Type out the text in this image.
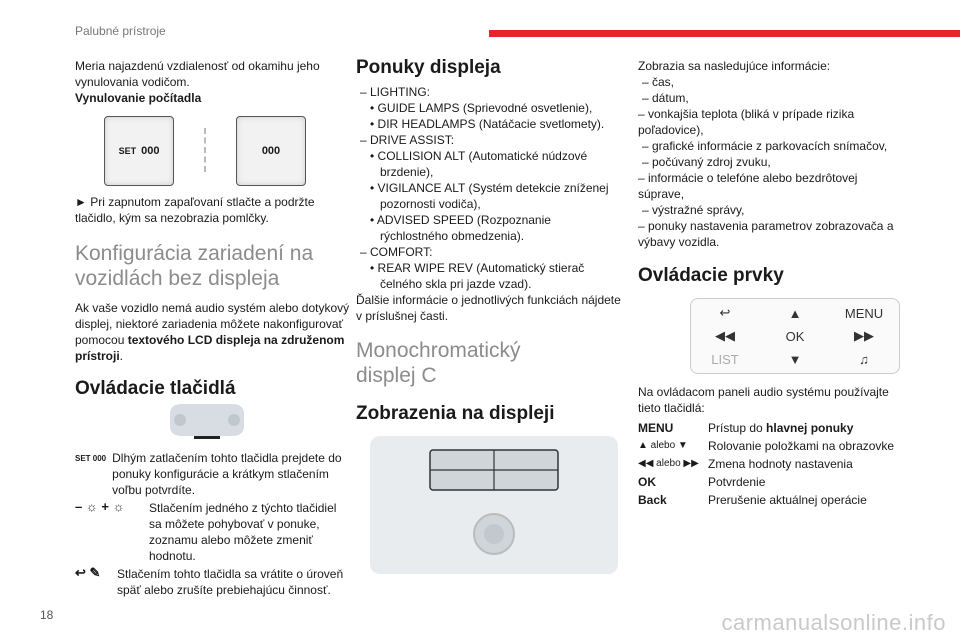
Palubné prístroje

Meria najazdenú vzdialenosť od okamihu jeho vynulovania vodičom.

Vynulovanie počítadla

SET 000	000

► Pri zapnutom zapaľovaní stlačte a podržte tlačidlo, kým sa nezobrazia pomlčky.

Konfigurácia zariadení na vozidlách bez displeja

Ak vaše vozidlo nemá audio systém alebo dotykový displej, niektoré zariadenia môžete nakonfigurovať pomocou textového LCD displeja na združenom prístroji.

Ovládacie tlačidlá
SET 000 Dlhým zatlačením tohto tlačidla prejdete do ponuky konfigurácie a krátkym stlačením voľbu potvrdíte.

– ☼ + ☼	Stlačením jedného z týchto tlačidiel sa môžete pohybovať v ponuke, zoznamu alebo môžete zmeniť hodnotu.

↩ ✎	Stlačením tohto tlačidla sa vrátite o úroveň späť alebo zrušíte prebiehajúcu činnosť.

Ponuky displeja
– LIGHTING:
• GUIDE LAMPS (Sprievodné osvetlenie),
• DIR HEADLAMPS (Natáčacie svetlomety).
– DRIVE ASSIST:
• COLLISION ALT (Automatické núdzové brzdenie),
• VIGILANCE ALT (Systém detekcie zníženej pozornosti vodiča),
• ADVISED SPEED (Rozpoznanie rýchlostného obmedzenia).
– COMFORT:
• REAR WIPE REV (Automatický stierač čelného skla pri jazde vzad).

Ďalšie informácie o jednotlivých funkciách nájdete v príslušnej časti.

Monochromatický displej C
Zobrazenia na displeji

Zobrazia sa nasledujúce informácie:

– čas,
– dátum,
– vonkajšia teplota (bliká v prípade rizika poľadovice),
– grafické informácie z parkovacích snímačov,
– počúvaný zdroj zvuku,
– informácie o telefóne alebo bezdrôtovej súprave,
– výstražné správy,
– ponuky nastavenia parametrov zobrazovača a výbavy vozidla.
Ovládacie prvky
↩	▲	MENU
◀◀	OK	▶▶
LIST	▼	♫

Na ovládacom paneli audio systému používajte tieto tlačidlá:

MENU	Prístup do hlavnej ponuky
▲ alebo ▼	Rolovanie položkami na obrazovke
◀◀ alebo ▶▶ Zmena hodnoty nastavenia
OK	Potvrdenie
Back	Prerušenie aktuálnej operácie
18	carmanualsonline.info
